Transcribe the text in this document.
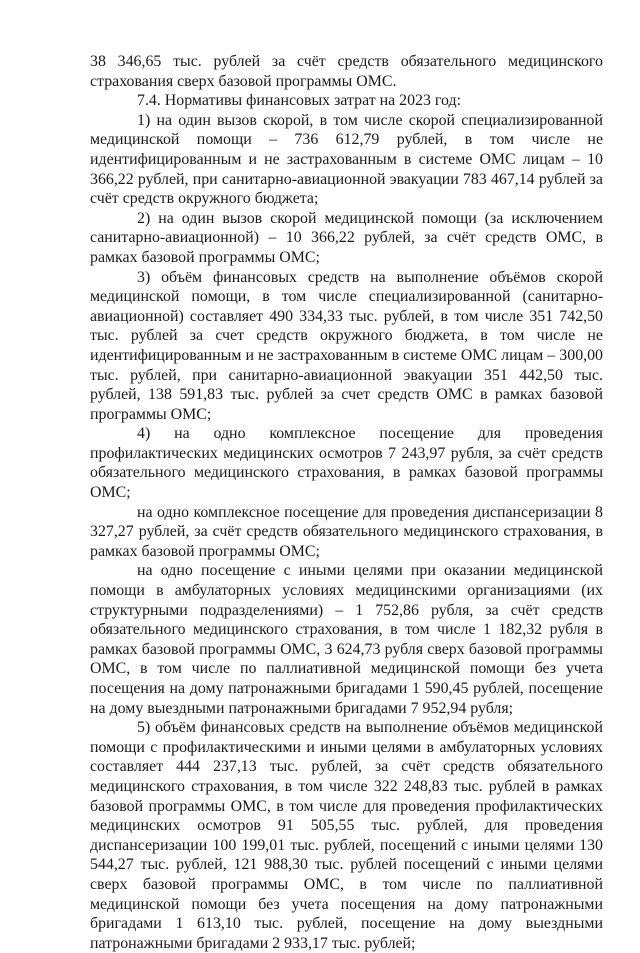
38 346,65 тыс. рублей за счёт средств обязательного медицинского страхования сверх базовой программы ОМС.

7.4. Нормативы финансовых затрат на 2023 год:

1) на один вызов скорой, в том числе скорой специализированной медицинской помощи – 736 612,79 рублей, в том числе не идентифицированным и не застрахованным в системе ОМС лицам – 10 366,22 рублей, при санитарно-авиационной эвакуации 783 467,14 рублей за счёт средств окружного бюджета;

2) на один вызов скорой медицинской помощи (за исключением санитарно-авиационной) – 10 366,22 рублей, за счёт средств ОМС, в рамках базовой программы ОМС;

3) объём финансовых средств на выполнение объёмов скорой медицинской помощи, в том числе специализированной (санитарно-авиационной) составляет 490 334,33 тыс. рублей, в том числе 351 742,50 тыс. рублей за счет средств окружного бюджета, в том числе не идентифицированным и не застрахованным в системе ОМС лицам – 300,00 тыс. рублей, при санитарно-авиационной эвакуации 351 442,50 тыс. рублей, 138 591,83 тыс. рублей за счет средств ОМС в рамках базовой программы ОМС;

4) на одно комплексное посещение для проведения профилактических медицинских осмотров 7 243,97 рубля, за счёт средств обязательного медицинского страхования, в рамках базовой программы ОМС;

на одно комплексное посещение для проведения диспансеризации 8 327,27 рублей, за счёт средств обязательного медицинского страхования, в рамках базовой программы ОМС;

на одно посещение с иными целями при оказании медицинской помощи в амбулаторных условиях медицинскими организациями (их структурными подразделениями) – 1 752,86 рубля, за счёт средств обязательного медицинского страхования, в том числе 1 182,32 рубля в рамках базовой программы ОМС, 3 624,73 рубля сверх базовой программы ОМС, в том числе по паллиативной медицинской помощи без учета посещения на дому патронажными бригадами 1 590,45 рублей, посещение на дому выездными патронажными бригадами 7 952,94 рубля;

5) объём финансовых средств на выполнение объёмов медицинской помощи с профилактическими и иными целями в амбулаторных условиях составляет 444 237,13 тыс. рублей, за счёт средств обязательного медицинского страхования, в том числе 322 248,83 тыс. рублей в рамках базовой программы ОМС, в том числе для проведения профилактических медицинских осмотров 91 505,55 тыс. рублей, для проведения диспансеризации 100 199,01 тыс. рублей, посещений с иными целями 130 544,27 тыс. рублей, 121 988,30 тыс. рублей посещений с иными целями сверх базовой программы ОМС, в том числе по паллиативной медицинской помощи без учета посещения на дому патронажными бригадами 1 613,10 тыс. рублей, посещение на дому выездными патронажными бригадами 2 933,17 тыс. рублей;
